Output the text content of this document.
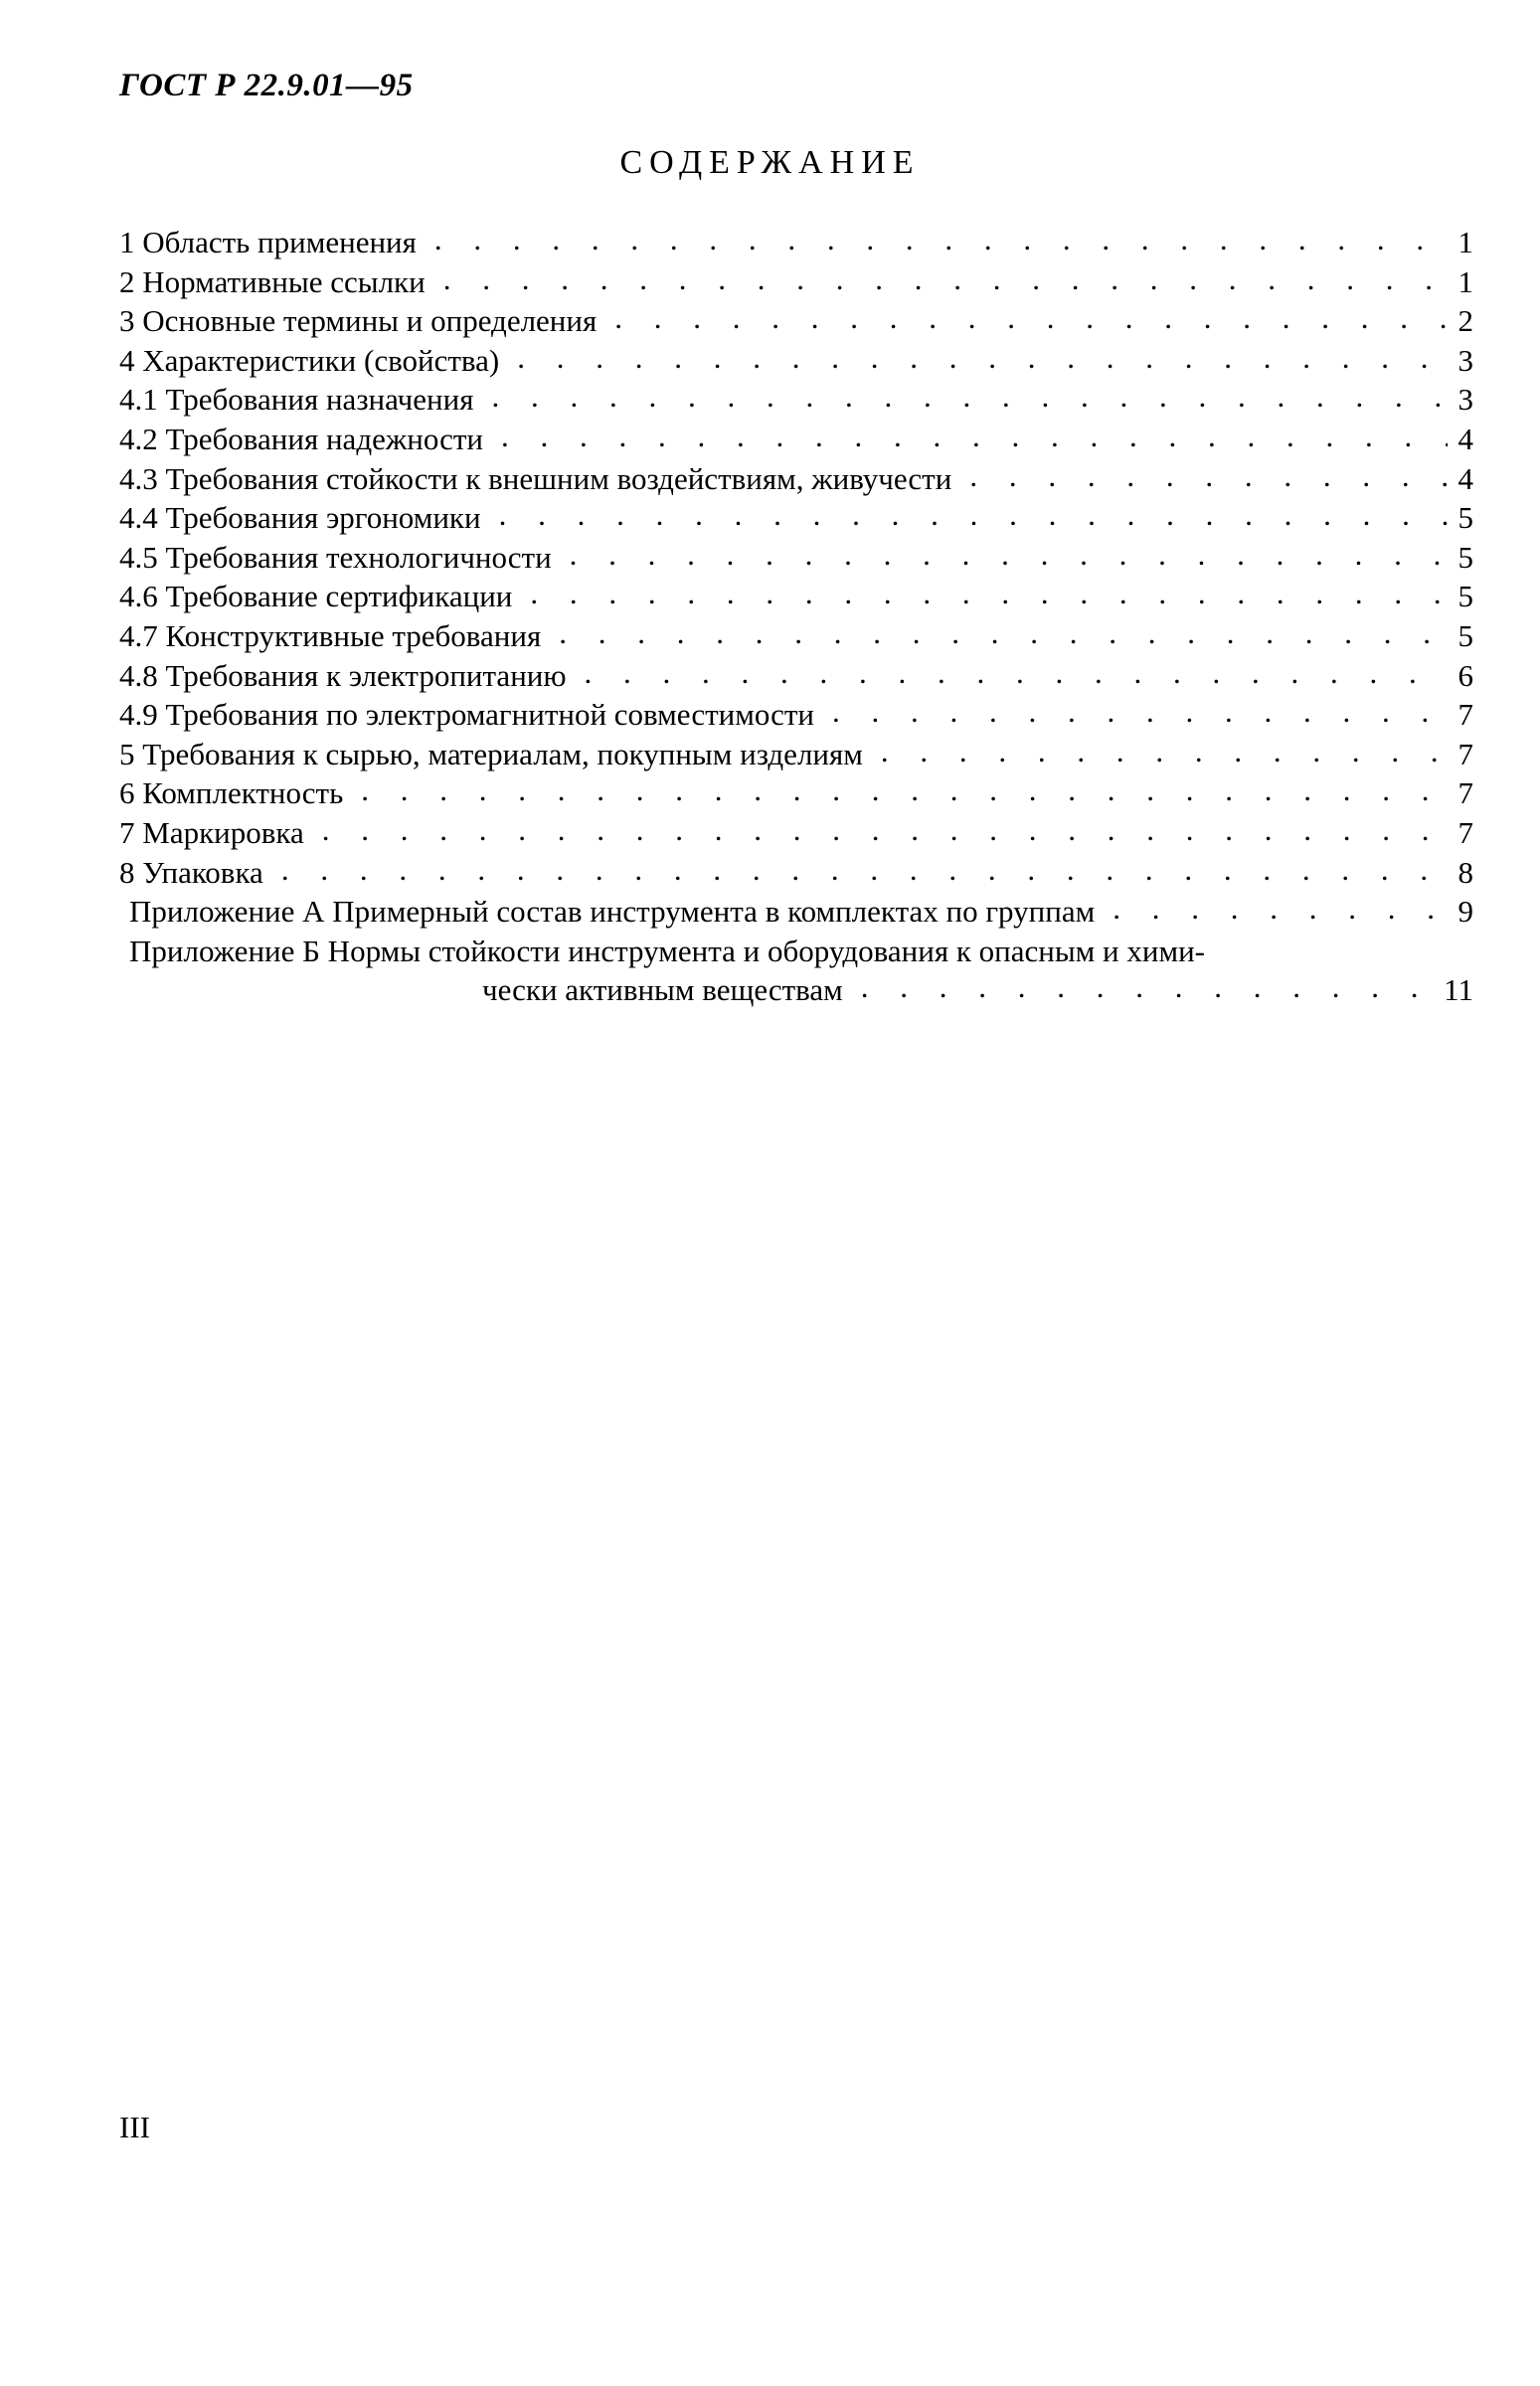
ГОСТ Р 22.9.01—95
СОДЕРЖАНИЕ
1 Область применения . . .	1
2 Нормативные ссылки . . .	1
3 Основные термины и определения . . .	2
4 Характеристики (свойства) . . .	3
4.1 Требования назначения . . .	3
4.2 Требования надежности . . .	4
4.3 Требования стойкости к внешним воздействиям, живучести . . .	4
4.4 Требования эргономики . . .	5
4.5 Требования технологичности . . .	5
4.6 Требование сертификации . . .	5
4.7 Конструктивные требования . . .	5
4.8 Требования к электропитанию . . .	6
4.9 Требования по электромагнитной совместимости . . .	7
5 Требования к сырью, материалам, покупным изделиям . . .	7
6 Комплектность . . .	7
7 Маркировка . . .	7
8 Упаковка . . .	8
Приложение А Примерный состав инструмента в комплектах по группам . . .	9
Приложение Б Нормы стойкости инструмента и оборудования к опасным и хими-
чески активным веществам . . .	11
III
